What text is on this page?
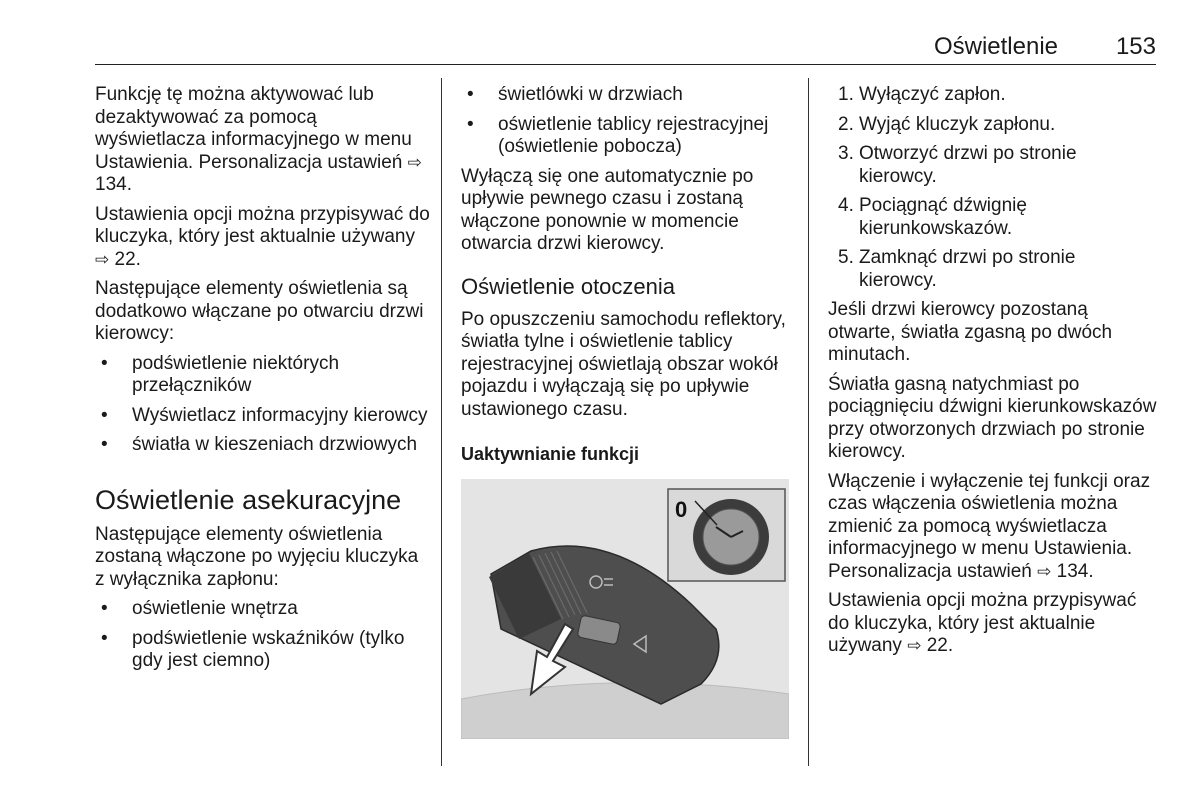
Oświetlenie 153

Funkcję tę można aktywować lub dezaktywować za pomocą wyświetlacza informacyjnego w menu Ustawienia. Personalizacja ustawień ⇨ 134.

Ustawienia opcji można przypisywać do kluczyka, który jest aktualnie używany ⇨ 22.

Następujące elementy oświetlenia są dodatkowo włączane po otwarciu drzwi kierowcy:

• podświetlenie niektórych przełączników
• Wyświetlacz informacyjny kierowcy
• światła w kieszeniach drzwiowych
Oświetlenie asekuracyjne

Następujące elementy oświetlenia zostaną włączone po wyjęciu kluczyka z wyłącznika zapłonu:

• oświetlenie wnętrza
• podświetlenie wskaźników (tylko gdy jest ciemno)
• świetlówki w drzwiach
• oświetlenie tablicy rejestracyjnej (oświetlenie pobocza)

Wyłączą się one automatycznie po upływie pewnego czasu i zostaną włączone ponownie w momencie otwarcia drzwi kierowcy.

Oświetlenie otoczenia

Po opuszczeniu samochodu reflektory, światła tylne i oświetlenie tablicy rejestracyjnej oświetlają obszar wokół pojazdu i wyłączają się po upływie ustawionego czasu.

Uaktywnianie funkcji
0
1. Wyłączyć zapłon.
2. Wyjąć kluczyk zapłonu.
3. Otworzyć drzwi po stronie kierowcy.
4. Pociągnąć dźwignię kierunkowskazów.
5. Zamknąć drzwi po stronie kierowcy.

Jeśli drzwi kierowcy pozostaną otwarte, światła zgasną po dwóch minutach.

Światła gasną natychmiast po pociągnięciu dźwigni kierunkowskazów przy otworzonych drzwiach po stronie kierowcy.

Włączenie i wyłączenie tej funkcji oraz czas włączenia oświetlenia można zmienić za pomocą wyświetlacza informacyjnego w menu Ustawienia. Personalizacja ustawień ⇨ 134.

Ustawienia opcji można przypisywać do kluczyka, który jest aktualnie używany ⇨ 22.
